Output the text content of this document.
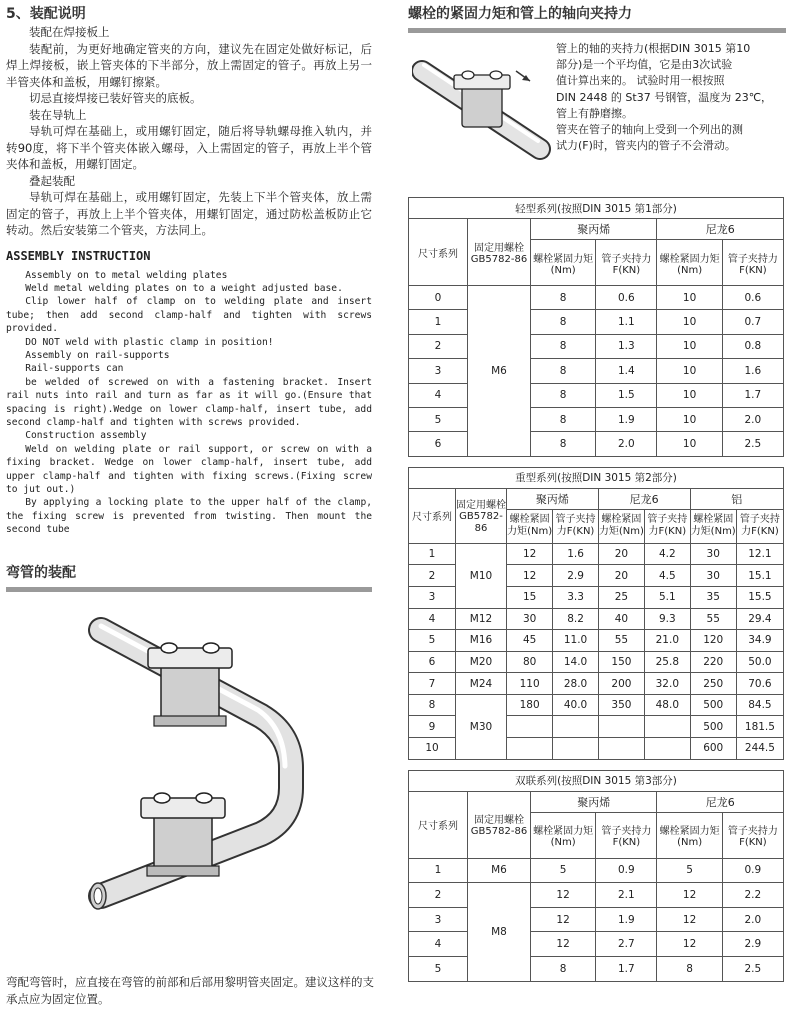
5、装配说明

装配在焊接板上

装配前，为更好地确定管夹的方向，建议先在固定处做好标记，后焊上焊接板，嵌上管夹体的下半部分，放上需固定的管子。再放上另一半管夹体和盖板，用螺钉擦紧。

切忌直接焊接已装好管夹的底板。

装在导轨上

导轨可焊在基础上，或用螺钉固定，随后将导轨螺母推入轨内，并转90度，将下半个管夹体嵌入螺母，入上需固定的管子，再放上半个管夹体和盖板，用螺钉固定。

叠起装配

导轨可焊在基础上，或用螺钉固定，先装上下半个管夹体，放上需固定的管子，再放上上半个管夹体，用螺钉固定，通过防松盖板防止它转动。然后安装第二个管夹，方法同上。

ASSEMBLY INSTRUCTION

Assembly on to metal welding plates

Weld metal welding plates on to a weight adjusted base.

Clip lower half of clamp on to welding plate and insert tube; then add second clamp-half and tighten with screws provided.

DO NOT weld with plastic clamp in position!

Assembly on rail-supports

Rail-supports can

be welded of screwed on with a fastening bracket. Insert rail nuts into rail and turn as far as it will go.(Ensure that spacing is right).Wedge on lower clamp-half, insert tube, add second clamp-half and tighten with screws provided.

Construction assembly

Weld on welding plate or rail support, or screw on with a fixing bracket. Wedge on lower clamp-half, insert tube, add upper clamp-half and tighten with fixing screws.(Fixing screw to jut out.)

By applying a locking plate to the upper half of the clamp, the fixing screw is prevented from twisting. Then mount the second tube

弯管的装配

弯配弯管时，应直接在弯管的前部和后部用黎明管夹固定。建议这样的支承点应为固定位置。

螺栓的紧固力矩和管上的轴向夹持力
管上的轴的夹持力(根据DIN 3015 第10
部分)是一个平均值，它是由3次试验
值计算出来的。 试验时用一根按照
DIN 2448 的 St37 号钢管，温度为 23℃，
管上有静磨擦。
管夹在管子的轴向上受到一个列出的测
试力(F)时，管夹内的管子不会滑动。
轻型系列(按照DIN 3015 第1部分)					
尺寸系列	固定用螺栓
GB5782-86	聚丙烯		尼龙6	
		螺栓紧固力矩(Nm)	管子夹持力F(KN)	螺栓紧固力矩(Nm)	管子夹持力F(KN)
0	M6	8	0.6	10	0.6
1		8	1.1	10	0.7
2		8	1.3	10	0.8
3		8	1.4	10	1.6
4		8	1.5	10	1.7
5		8	1.9	10	2.0
6		8	2.0	10	2.5
重型系列(按照DIN 3015 第2部分)							
尺寸系列	固定用螺栓
GB5782-86	聚丙烯		尼龙6		铝	
		螺栓紧固力矩(Nm)	管子夹持力F(KN)	螺栓紧固力矩(Nm)	管子夹持力F(KN)	螺栓紧固力矩(Nm)	管子夹持力F(KN)
1	M10	12	1.6	20	4.2	30	12.1
2		12	2.9	20	4.5	30	15.1
3		15	3.3	25	5.1	35	15.5
4	M12	30	8.2	40	9.3	55	29.4
5	M16	45	11.0	55	21.0	120	34.9
6	M20	80	14.0	150	25.8	220	50.0
7	M24	110	28.0	200	32.0	250	70.6
8	M30	180	40.0	350	48.0	500	84.5
9						500	181.5
10						600	244.5
双联系列(按照DIN 3015 第3部分)					
尺寸系列	固定用螺栓
GB5782-86	聚丙烯		尼龙6	
		螺栓紧固力矩(Nm)	管子夹持力F(KN)	螺栓紧固力矩(Nm)	管子夹持力F(KN)
1	M6	5	0.9	5	0.9
2	M8	12	2.1	12	2.2
3		12	1.9	12	2.0
4		12	2.7	12	2.9
5		8	1.7	8	2.5
